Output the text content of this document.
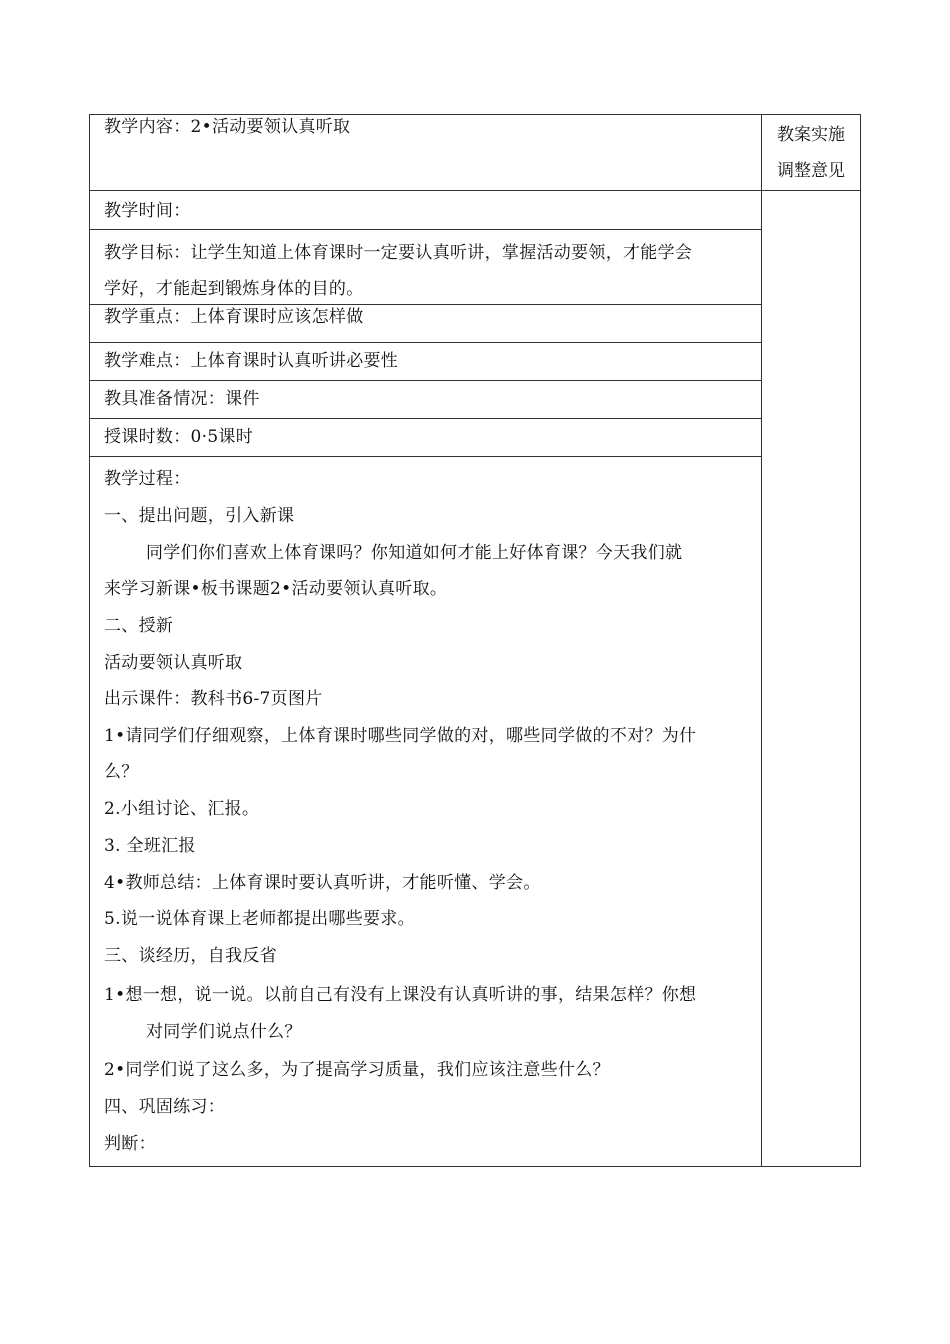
教案实施
调整意见
教学内容：2•活动要领认真听取
教学时间：
教学目标：让学生知道上体育课时一定要认真听讲，掌握活动要领，才能学会
学好，才能起到锻炼身体的目的。
教学重点：上体育课时应该怎样做
教学难点：上体育课时认真听讲必要性
教具准备情况：课件
授课时数：0·5课时
教学过程：
一、提出问题，引入新课
同学们你们喜欢上体育课吗？你知道如何才能上好体育课？今天我们就
来学习新课•板书课题2•活动要领认真听取。
二、授新
活动要领认真听取
出示课件：教科书6-7页图片
1•请同学们仔细观察，上体育课时哪些同学做的对，哪些同学做的不对？为什
么？
2.小组讨论、汇报。
3. 全班汇报
4•教师总结：上体育课时要认真听讲，才能听懂、学会。
5.说一说体育课上老师都提出哪些要求。
三、谈经历，自我反省
1•想一想，说一说。以前自己有没有上课没有认真听讲的事，结果怎样？你想
对同学们说点什么？
2•同学们说了这么多，为了提高学习质量，我们应该注意些什么？
四、巩固练习：
判断：
